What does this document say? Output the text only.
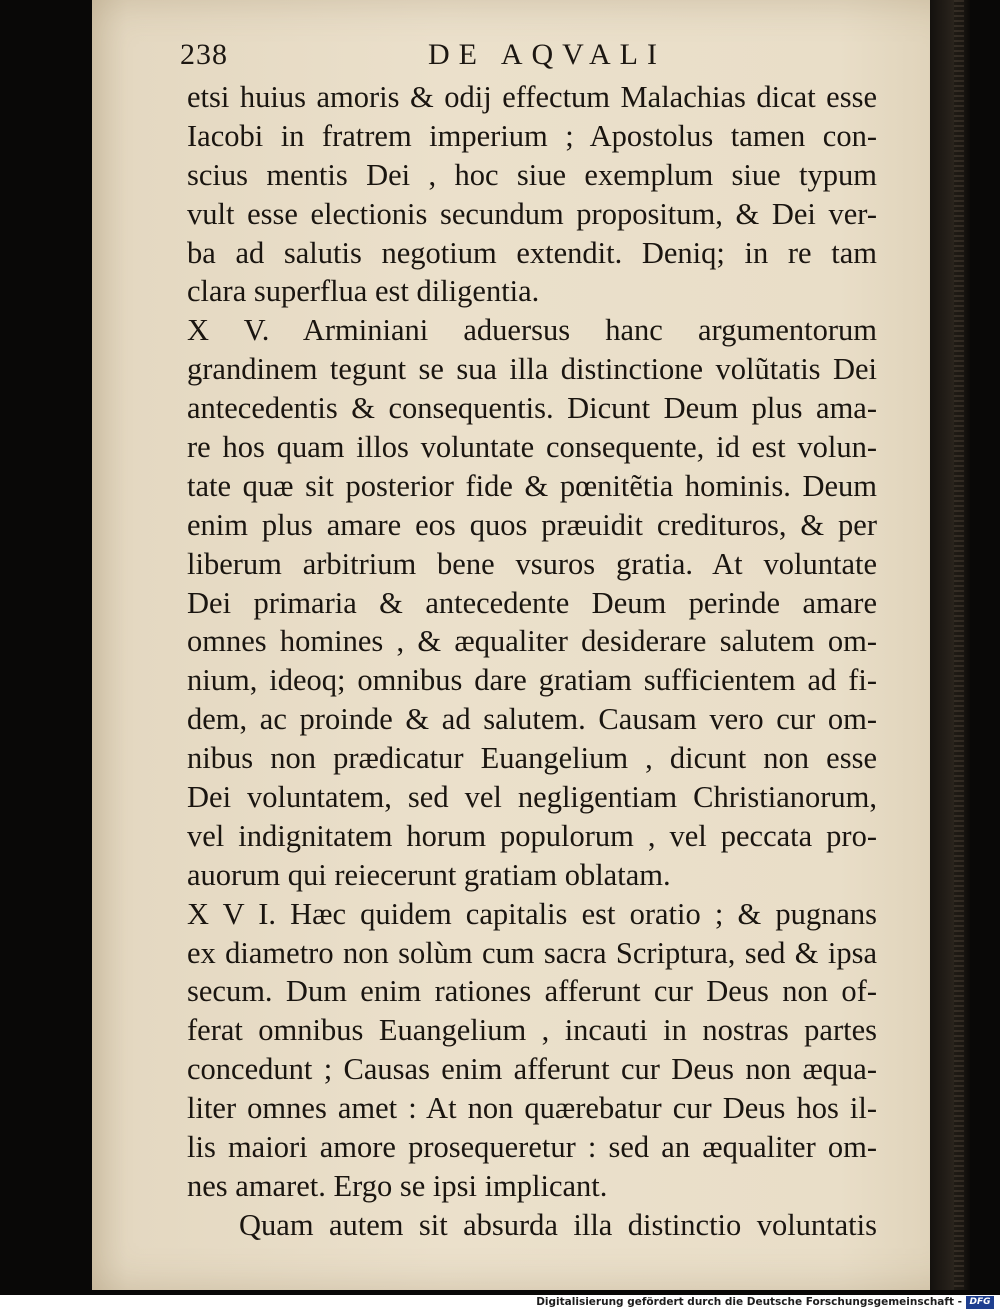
238	DE AQVALI
etsi huius amoris & odij effectum Malachias dicat esse
Iacobi in fratrem imperium ; Apostolus tamen con-
scius mentis Dei , hoc siue exemplum siue typum
vult esse electionis secundum propositum, & Dei ver-
ba ad salutis negotium extendit. Deniq; in re tam
clara superflua est diligentia.
X V. Arminiani aduersus hanc argumentorum
grandinem tegunt se sua illa distinctione volũtatis Dei
antecedentis & consequentis. Dicunt Deum plus ama-
re hos quam illos voluntate consequente, id est volun-
tate quæ sit posterior fide & pœnitẽtia hominis. Deum
enim plus amare eos quos præuidit credituros, & per
liberum arbitrium bene vsuros gratia. At voluntate
Dei primaria & antecedente Deum perinde amare
omnes homines , & æqualiter desiderare salutem om-
nium, ideoq; omnibus dare gratiam sufficientem ad fi-
dem, ac proinde & ad salutem. Causam vero cur om-
nibus non prædicatur Euangelium , dicunt non esse
Dei voluntatem, sed vel negligentiam Christianorum,
vel indignitatem horum populorum , vel peccata pro-
auorum qui reiecerunt gratiam oblatam.
X V I. Hæc quidem capitalis est oratio ; & pugnans
ex diametro non solùm cum sacra Scriptura, sed & ipsa
secum. Dum enim rationes afferunt cur Deus non of-
ferat omnibus Euangelium , incauti in nostras partes
concedunt ; Causas enim afferunt cur Deus non æqua-
liter omnes amet : At non quærebatur cur Deus hos il-
lis maiori amore prosequeretur : sed an æqualiter om-
nes amaret. Ergo se ipsi implicant.
Quam autem sit absurda illa distinctio voluntatis
Digitalisierung gefördert durch die Deutsche Forschungsgemeinschaft - DFG
